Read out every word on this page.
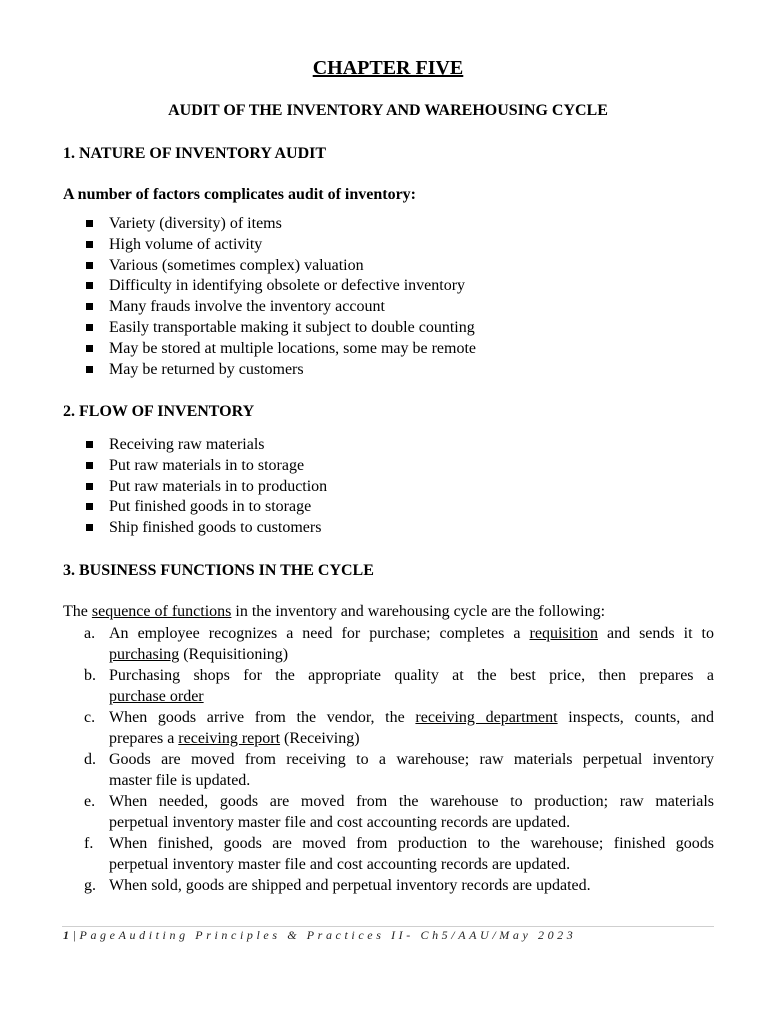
CHAPTER FIVE
AUDIT OF THE INVENTORY AND WAREHOUSING CYCLE
1. NATURE OF INVENTORY AUDIT
A number of factors complicates audit of inventory:
Variety (diversity) of items
High volume of activity
Various (sometimes complex) valuation
Difficulty in identifying obsolete or defective inventory
Many frauds involve the inventory account
Easily transportable making it subject to double counting
May be stored at multiple locations, some may be remote
May be returned by customers
2. FLOW OF INVENTORY
Receiving raw materials
Put raw materials in to storage
Put raw materials in to production
Put finished goods in to storage
Ship finished goods to customers
3. BUSINESS FUNCTIONS IN THE CYCLE
The sequence of functions in the inventory and warehousing cycle are the following:
a. An employee recognizes a need for purchase; completes a requisition and sends it to
purchasing (Requisitioning)
b. Purchasing shops for the appropriate quality at the best price, then prepares a
purchase order
c. When goods arrive from the vendor, the receiving department inspects, counts, and
prepares a receiving report (Receiving)
d. Goods are moved from receiving to a warehouse; raw materials perpetual inventory
master file is updated.
e. When needed, goods are moved from the warehouse to production; raw materials
perpetual inventory master file and cost accounting records are updated.
f. When finished, goods are moved from production to the warehouse; finished goods
perpetual inventory master file and cost accounting records are updated.
g. When sold, goods are shipped and perpetual inventory records are updated.
1|PageAuditing Principles & Practices II- Ch5/AAU/May 2023
